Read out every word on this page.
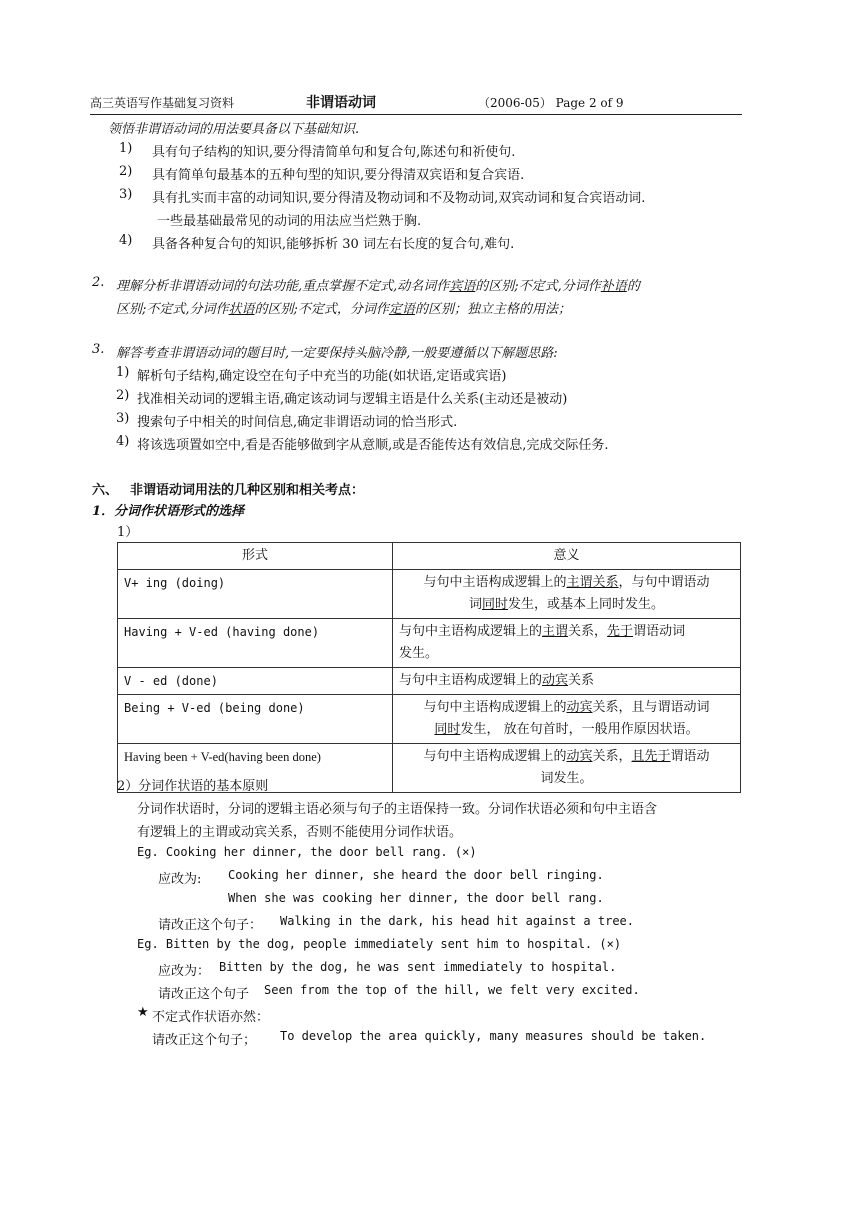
高三英语写作基础复习资料	非谓语动词	（2006-05） Page 2 of 9
领悟非谓语动词的用法要具备以下基础知识.
1) 具有句子结构的知识,要分得清简单句和复合句,陈述句和祈使句.
2) 具有简单句最基本的五种句型的知识,要分得清双宾语和复合宾语.
3) 具有扎实而丰富的动词知识,要分得清及物动词和不及物动词,双宾动词和复合宾语动词.
一些最基础最常见的动词的用法应当烂熟于胸.
4) 具备各种复合句的知识,能够拆析 30 词左右长度的复合句,难句.
2. 理解分析非谓语动词的句法功能,重点掌握不定式,动名词作宾语的区别;不定式,分词作补语的
区别;不定式,分词作状语的区别;不定式，分词作定语的区别；独立主格的用法；
3. 解答考查非谓语动词的题目时,一定要保持头脑冷静,一般要遵循以下解题思路:
1) 解析句子结构,确定设空在句子中充当的功能(如状语,定语或宾语)
2) 找准相关动词的逻辑主语,确定该动词与逻辑主语是什么关系(主动还是被动)
3) 搜索句子中相关的时间信息,确定非谓语动词的恰当形式.
4) 将该选项置如空中,看是否能够做到字从意顺,或是否能传达有效信息,完成交际任务.
六、 非谓语动词用法的几种区别和相关考点：
1．分词作状语形式的选择
1）
形式	意义
V+ ing (doing)	与句中主语构成逻辑上的主谓关系，与句中谓语动
词同时发生，或基本上同时发生。
Having + V-ed (having done)	与句中主语构成逻辑上的主谓关系，先于谓语动词
发生。
V - ed (done)	与句中主语构成逻辑上的动宾关系
Being + V-ed (being done)	与句中主语构成逻辑上的动宾关系，且与谓语动词
同时发生， 放在句首时，一般用作原因状语。
Having been + V-ed(having been done)	与句中主语构成逻辑上的动宾关系，且先于谓语动
词发生。
2）分词作状语的基本原则
分词作状语时，分词的逻辑主语必须与句子的主语保持一致。分词作状语必须和句中主语含
有逻辑上的主谓或动宾关系，否则不能使用分词作状语。
Eg. Cooking her dinner, the door bell rang. (×)
应改为: Cooking her dinner, she heard the door bell ringing.
When she was cooking her dinner, the door bell rang.
请改正这个句子： Walking in the dark, his head hit against a tree.
Eg. Bitten by the dog, people immediately sent him to hospital. (×)
应改为： Bitten by the dog, he was sent immediately to hospital.
请改正这个句子 Seen from the top of the hill, we felt very excited.
★ 不定式作状语亦然：
请改正这个句子； To develop the area quickly, many measures should be taken.
